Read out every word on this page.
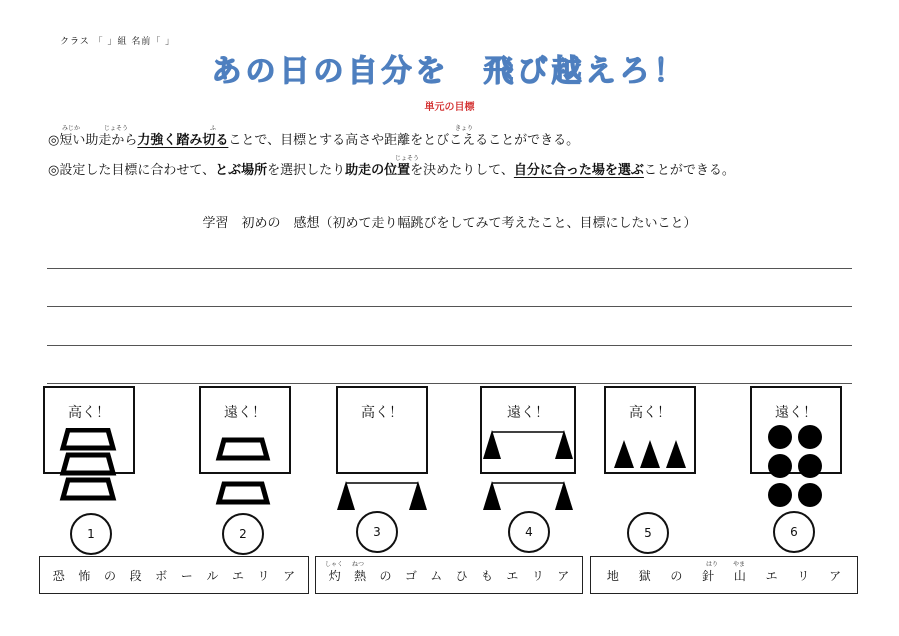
クラス 「 」組 名前「 」
あの日の自分を　飛び越えろ！
単元の目標
みじか	じょそう	ふ	きょり
じょそう
◎短い助走から力強く踏み切ることで、目標とする高さや距離をとびこえることができる。
◎設定した目標に合わせて、とぶ場所を選択したり助走の位置を決めたりして、自分に合った場を選ぶことができる。
学習　初めの　感想（初めて走り幅跳びをしてみて考えたこと、目標にしたいこと）
高く！	遠く！	高く！	遠く！	高く！	遠く！
1	2	3	4	5	6
しゃく ねつ	はり やま
恐 怖 の 段 ボ ー ル エ リ ア	灼 熱 の ゴ ム ひ も エ リ ア	地 獄 の 針 山 エ リ ア
